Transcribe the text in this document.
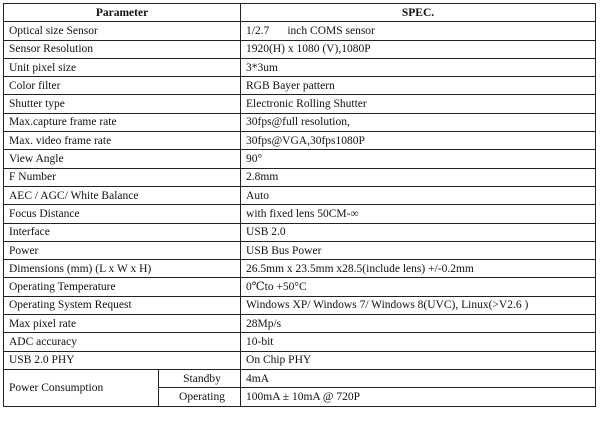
Parameter		SPEC.
Optical size Sensor		1/2.7 inch COMS sensor
Sensor Resolution		1920(H) x 1080 (V),1080P
Unit pixel size		3*3um
Color filter		RGB Bayer pattern
Shutter type		Electronic Rolling Shutter
Max.capture frame rate		30fps@full resolution,
Max. video frame rate		30fps@VGA,30fps1080P
View Angle		90°
F Number		2.8mm
AEC / AGC/ White Balance		Auto
Focus Distance		with fixed lens 50CM-∞
Interface		USB 2.0
Power		USB Bus Power
Dimensions (mm) (L x W x H)		26.5mm x 23.5mm x28.5(include lens) +/-0.2mm
Operating Temperature		0℃to +50°C
Operating System Request		Windows XP/ Windows 7/ Windows 8(UVC), Linux(>V2.6 )
Max pixel rate		28Mp/s
ADC accuracy		10-bit
USB 2.0 PHY		On Chip PHY
Power Consumption	Standby	4mA
	Operating	100mA ± 10mA @ 720P
